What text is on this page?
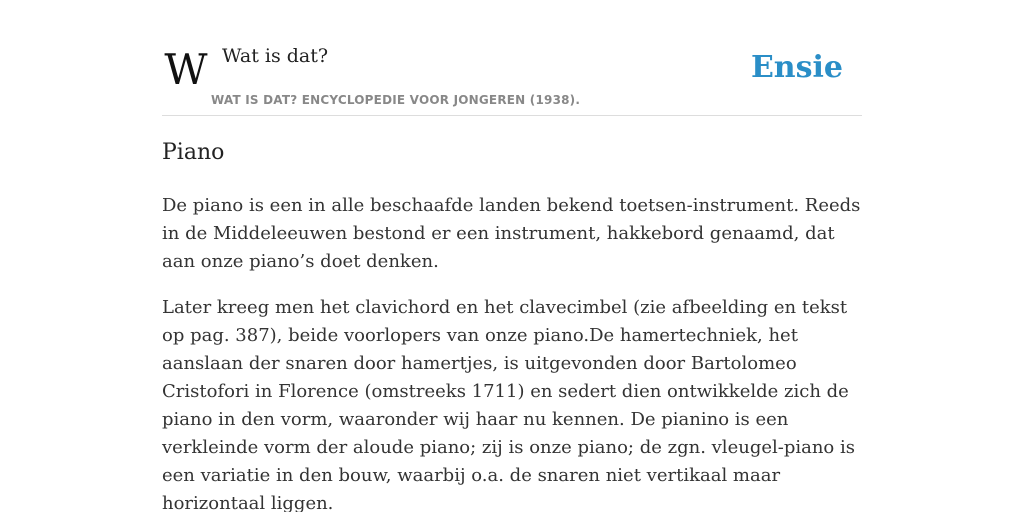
W Wat is dat?
WAT IS DAT? ENCYCLOPEDIE VOOR JONGEREN (1938).
Ensie
Piano

De piano is een in alle beschaafde landen bekend toetsen-instrument. Reeds in de Middeleeuwen bestond er een instrument, hakkebord genaamd, dat aan onze piano’s doet denken.

Later kreeg men het clavichord en het clavecimbel (zie afbeelding en tekst op pag. 387), beide voorlopers van onze piano.De hamertechniek, het aanslaan der snaren door hamertjes, is uitgevonden door Bartolomeo Cristofori in Florence (omstreeks 1711) en sedert dien ontwikkelde zich de piano in den vorm, waaronder wij haar nu kennen. De pianino is een verkleinde vorm der aloude piano; zij is onze piano; de zgn. vleugel-piano is een variatie in den bouw, waarbij o.a. de snaren niet vertikaal maar horizontaal liggen.
